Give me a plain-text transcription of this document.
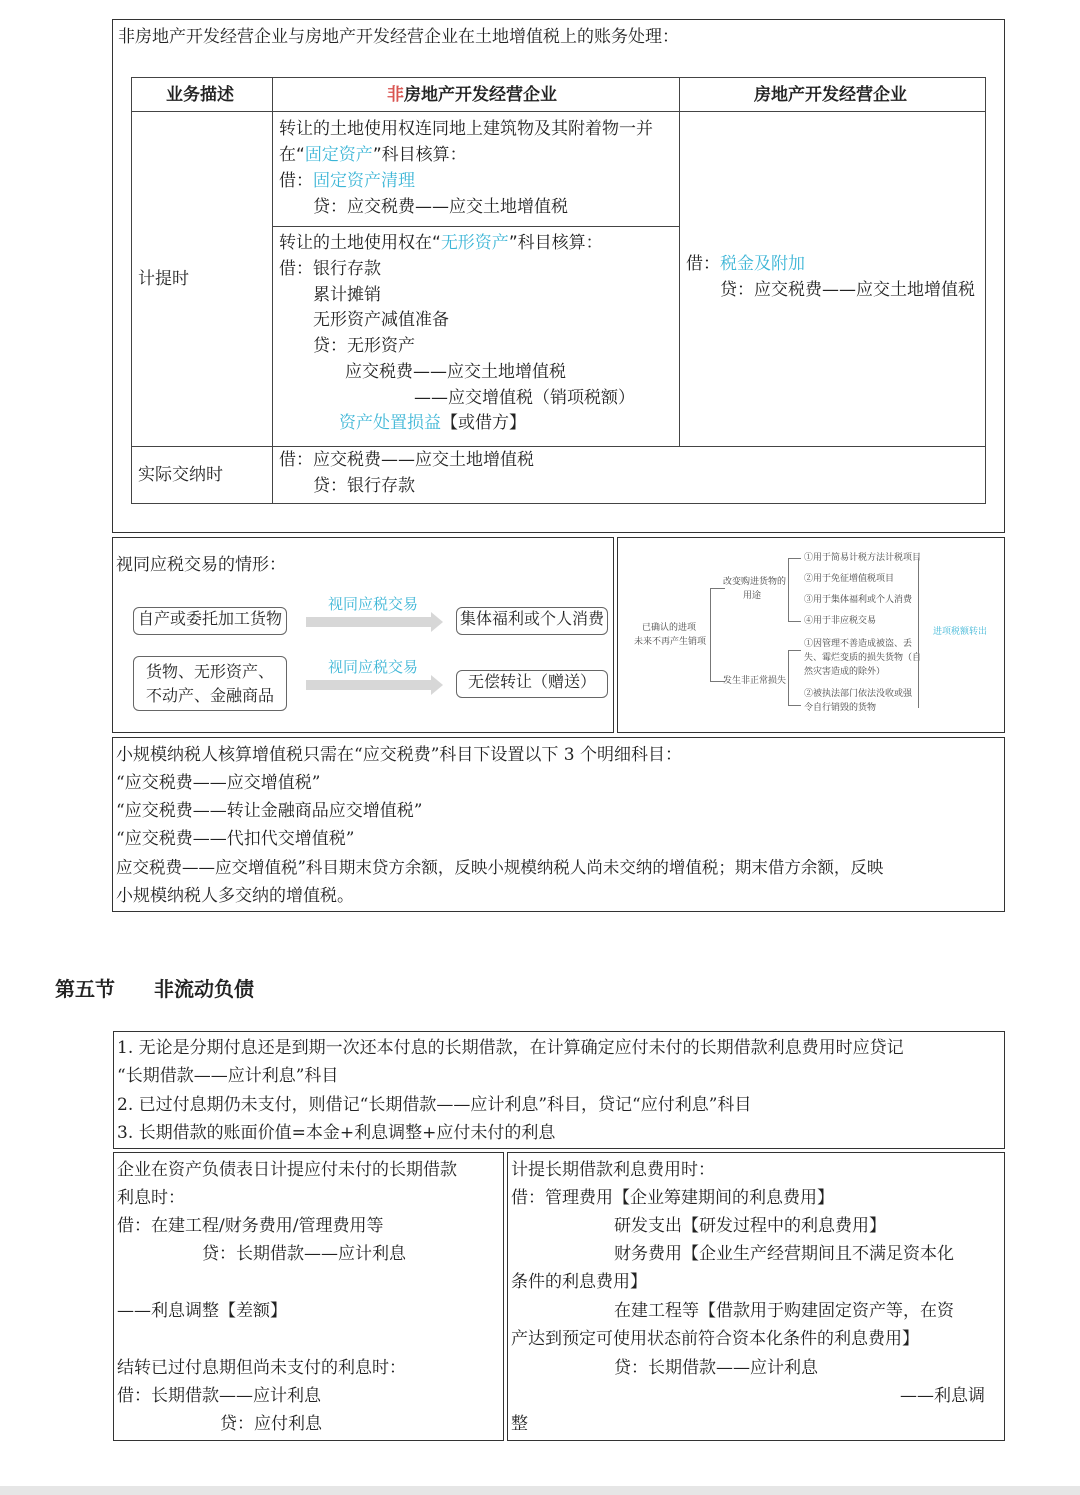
非房地产开发经营企业与房地产开发经营企业在土地增值税上的账务处理：
业务描述	非房地产开发经营企业	房地产开发经营企业
计提时
实际交纳时
转让的土地使用权连同地上建筑物及其附着物一并
在“固定资产”科目核算：
借：固定资产清理
贷：应交税费——应交土地增值税
转让的土地使用权在“无形资产”科目核算：
借：银行存款
累计摊销
无形资产减值准备
贷：无形资产
应交税费——应交土地增值税
——应交增值税（销项税额）
资产处置损益【或借方】
借：税金及附加
贷：应交税费——应交土地增值税
借：应交税费——应交土地增值税
贷：银行存款
视同应税交易的情形：
自产或委托加工货物
视同应税交易
集体福利或个人消费
货物、无形资产、
不动产、金融商品
视同应税交易
无偿转让（赠送）
已确认的进项
未来不再产生销项
改变购进货物的
用途
①用于简易计税方法计税项目
②用于免征增值税项目
③用于集体福利或个人消费
④用于非应税交易
发生非正常损失
①因管理不善造成被盗、丢
失、霉烂变质的损失货物（自
然灾害造成的除外）
②被执法部门依法没收或强
令自行销毁的货物
进项税额转出
小规模纳税人核算增值税只需在“应交税费”科目下设置以下 3 个明细科目：
“应交税费——应交增值税”
“应交税费——转让金融商品应交增值税”
“应交税费——代扣代交增值税”
应交税费——应交增值税”科目期末贷方余额，反映小规模纳税人尚未交纳的增值税；期末借方余额，反映
小规模纳税人多交纳的增值税。
第五节 非流动负债
1. 无论是分期付息还是到期一次还本付息的长期借款，在计算确定应付未付的长期借款利息费用时应贷记
“长期借款——应计利息”科目
2. 已过付息期仍未支付，则借记“长期借款——应计利息”科目，贷记“应付利息”科目
3. 长期借款的账面价值=本金+利息调整+应付未付的利息
企业在资产负债表日计提应付未付的长期借款
利息时：
借：在建工程/财务费用/管理费用等
贷：长期借款——应计利息
——利息调整【差额】
结转已过付息期但尚未支付的利息时：
借：长期借款——应计利息
贷：应付利息
计提长期借款利息费用时：
借：管理费用【企业筹建期间的利息费用】
研发支出【研发过程中的利息费用】
财务费用【企业生产经营期间且不满足资本化
条件的利息费用】
在建工程等【借款用于购建固定资产等，在资
产达到预定可使用状态前符合资本化条件的利息费用】
贷：长期借款——应计利息
——利息调
整
